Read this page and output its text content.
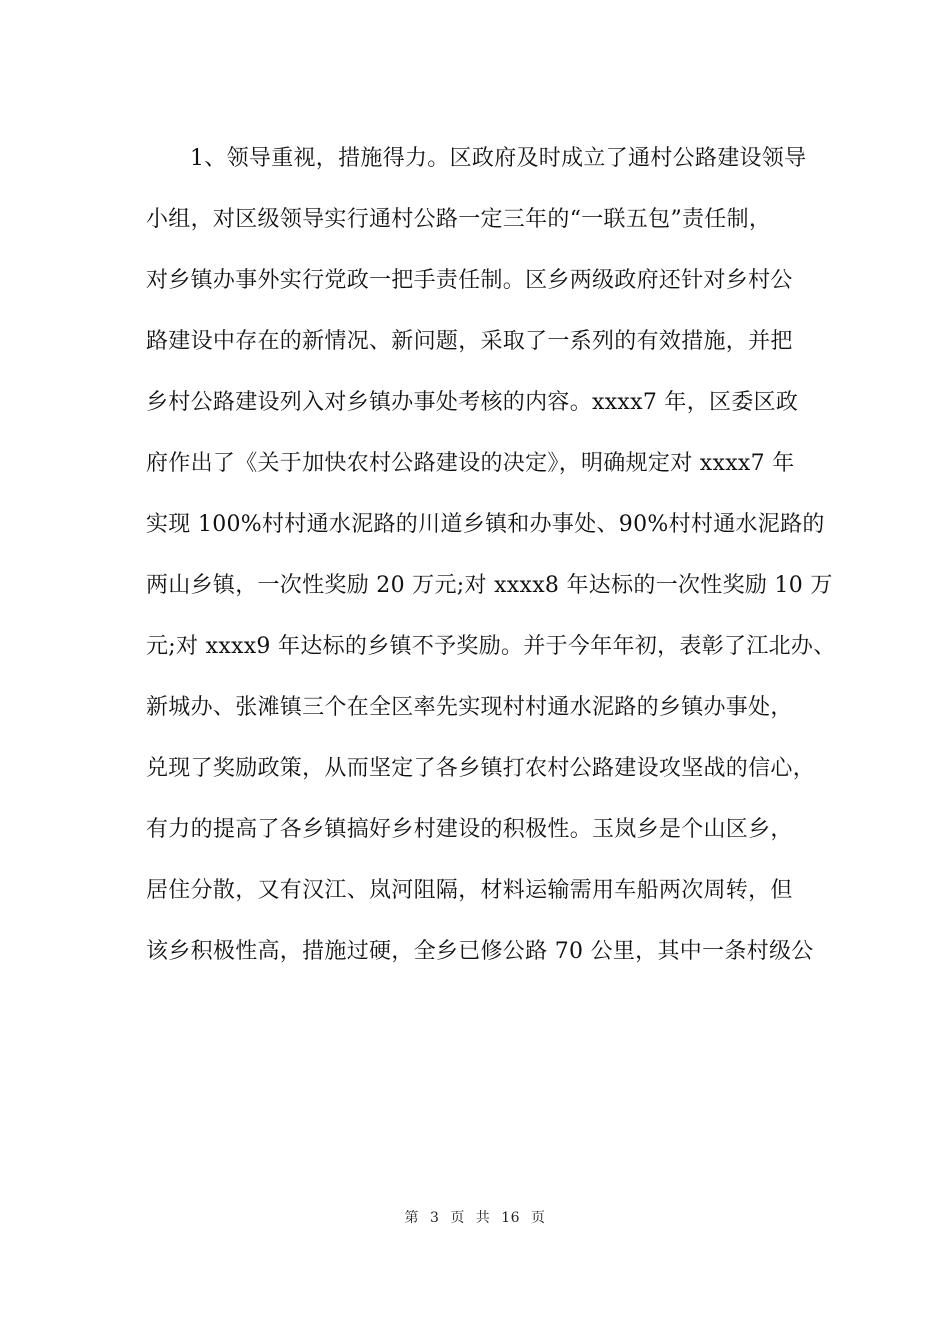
1、领导重视，措施得力。区政府及时成立了通村公路建设领导
小组，对区级领导实行通村公路一定三年的“一联五包”责任制，
对乡镇办事外实行党政一把手责任制。区乡两级政府还针对乡村公
路建设中存在的新情况、新问题，采取了一系列的有效措施，并把
乡村公路建设列入对乡镇办事处考核的内容。xxxx7 年，区委区政
府作出了《关于加快农村公路建设的决定》，明确规定对 xxxx7 年
实现 100%村村通水泥路的川道乡镇和办事处、90%村村通水泥路的
两山乡镇，一次性奖励 20 万元;对 xxxx8 年达标的一次性奖励 10 万
元;对 xxxx9 年达标的乡镇不予奖励。并于今年年初，表彰了江北办、
新城办、张滩镇三个在全区率先实现村村通水泥路的乡镇办事处，
兑现了奖励政策，从而坚定了各乡镇打农村公路建设攻坚战的信心，
有力的提高了各乡镇搞好乡村建设的积极性。玉岚乡是个山区乡，
居住分散，又有汉江、岚河阻隔，材料运输需用车船两次周转，但
该乡积极性高，措施过硬，全乡已修公路 70 公里，其中一条村级公
第 3 页 共 16 页
